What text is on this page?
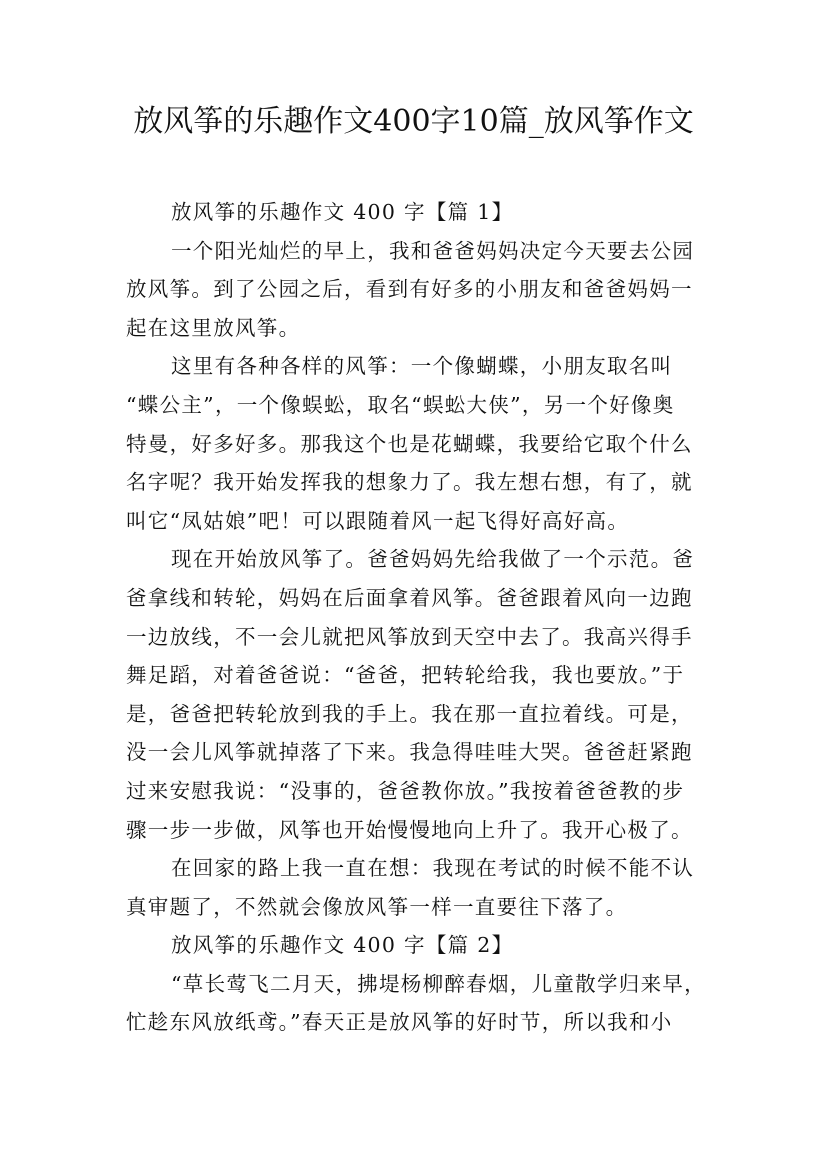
放风筝的乐趣作文400字10篇_放风筝作文
放风筝的乐趣作文 400 字【篇 1】
一个阳光灿烂的早上，我和爸爸妈妈决定今天要去公园
放风筝。到了公园之后，看到有好多的小朋友和爸爸妈妈一
起在这里放风筝。
这里有各种各样的风筝：一个像蝴蝶，小朋友取名叫
“蝶公主”，一个像蜈蚣，取名“蜈蚣大侠”，另一个好像奥
特曼，好多好多。那我这个也是花蝴蝶，我要给它取个什么
名字呢？我开始发挥我的想象力了。我左想右想，有了，就
叫它“凤姑娘”吧！可以跟随着风一起飞得好高好高。
现在开始放风筝了。爸爸妈妈先给我做了一个示范。爸
爸拿线和转轮，妈妈在后面拿着风筝。爸爸跟着风向一边跑
一边放线，不一会儿就把风筝放到天空中去了。我高兴得手
舞足蹈，对着爸爸说：“爸爸，把转轮给我，我也要放。”于
是，爸爸把转轮放到我的手上。我在那一直拉着线。可是，
没一会儿风筝就掉落了下来。我急得哇哇大哭。爸爸赶紧跑
过来安慰我说：“没事的，爸爸教你放。”我按着爸爸教的步
骤一步一步做，风筝也开始慢慢地向上升了。我开心极了。
在回家的路上我一直在想：我现在考试的时候不能不认
真审题了，不然就会像放风筝一样一直要往下落了。
放风筝的乐趣作文 400 字【篇 2】
“草长莺飞二月天，拂堤杨柳醉春烟，儿童散学归来早，
忙趁东风放纸鸢。”春天正是放风筝的好时节，所以我和小
